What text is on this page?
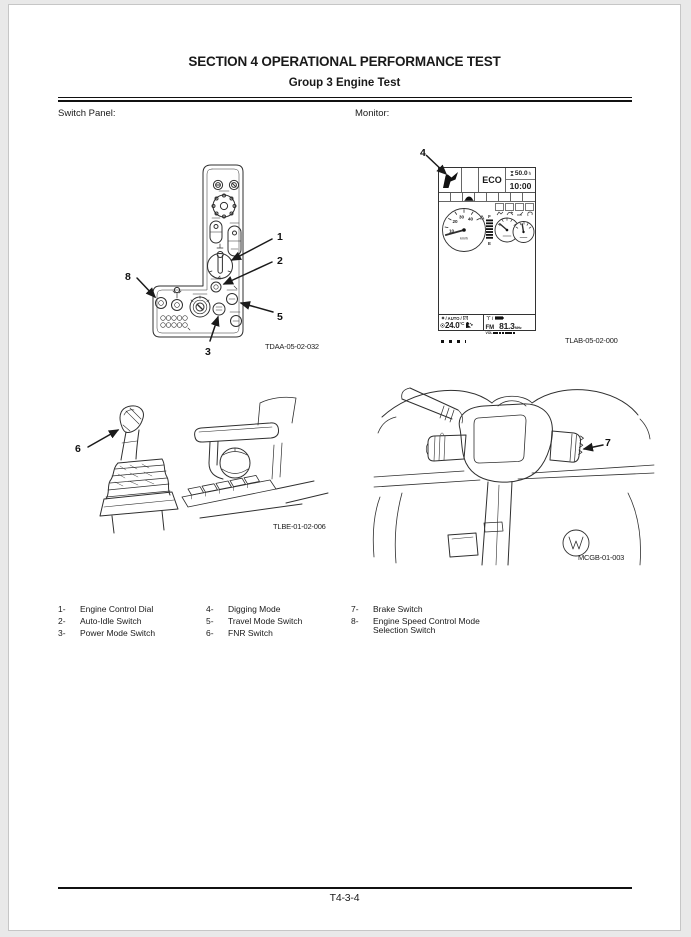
SECTION 4 OPERATIONAL PERFORMANCE TEST
Group 3 Engine Test
Switch Panel:	Monitor:
1
2
8
5
3	TDAA-05-02-032
ECO
50.0 h
10:00
10
20
30 40
km/h
F
E
/ AUTO /
24.0 °C

/
FM 81.3 MHz
VOL
4
TLAB-05-02-000
6
TLBE-01-02-006
7
MCGB-01-003
1-	Engine Control Dial
2-	Auto-Idle Switch
3-	Power Mode Switch
4-	Digging Mode
5-	Travel Mode Switch
6-	FNR Switch
7-	Brake Switch
8-	Engine Speed Control Mode Selection Switch
T4-3-4
